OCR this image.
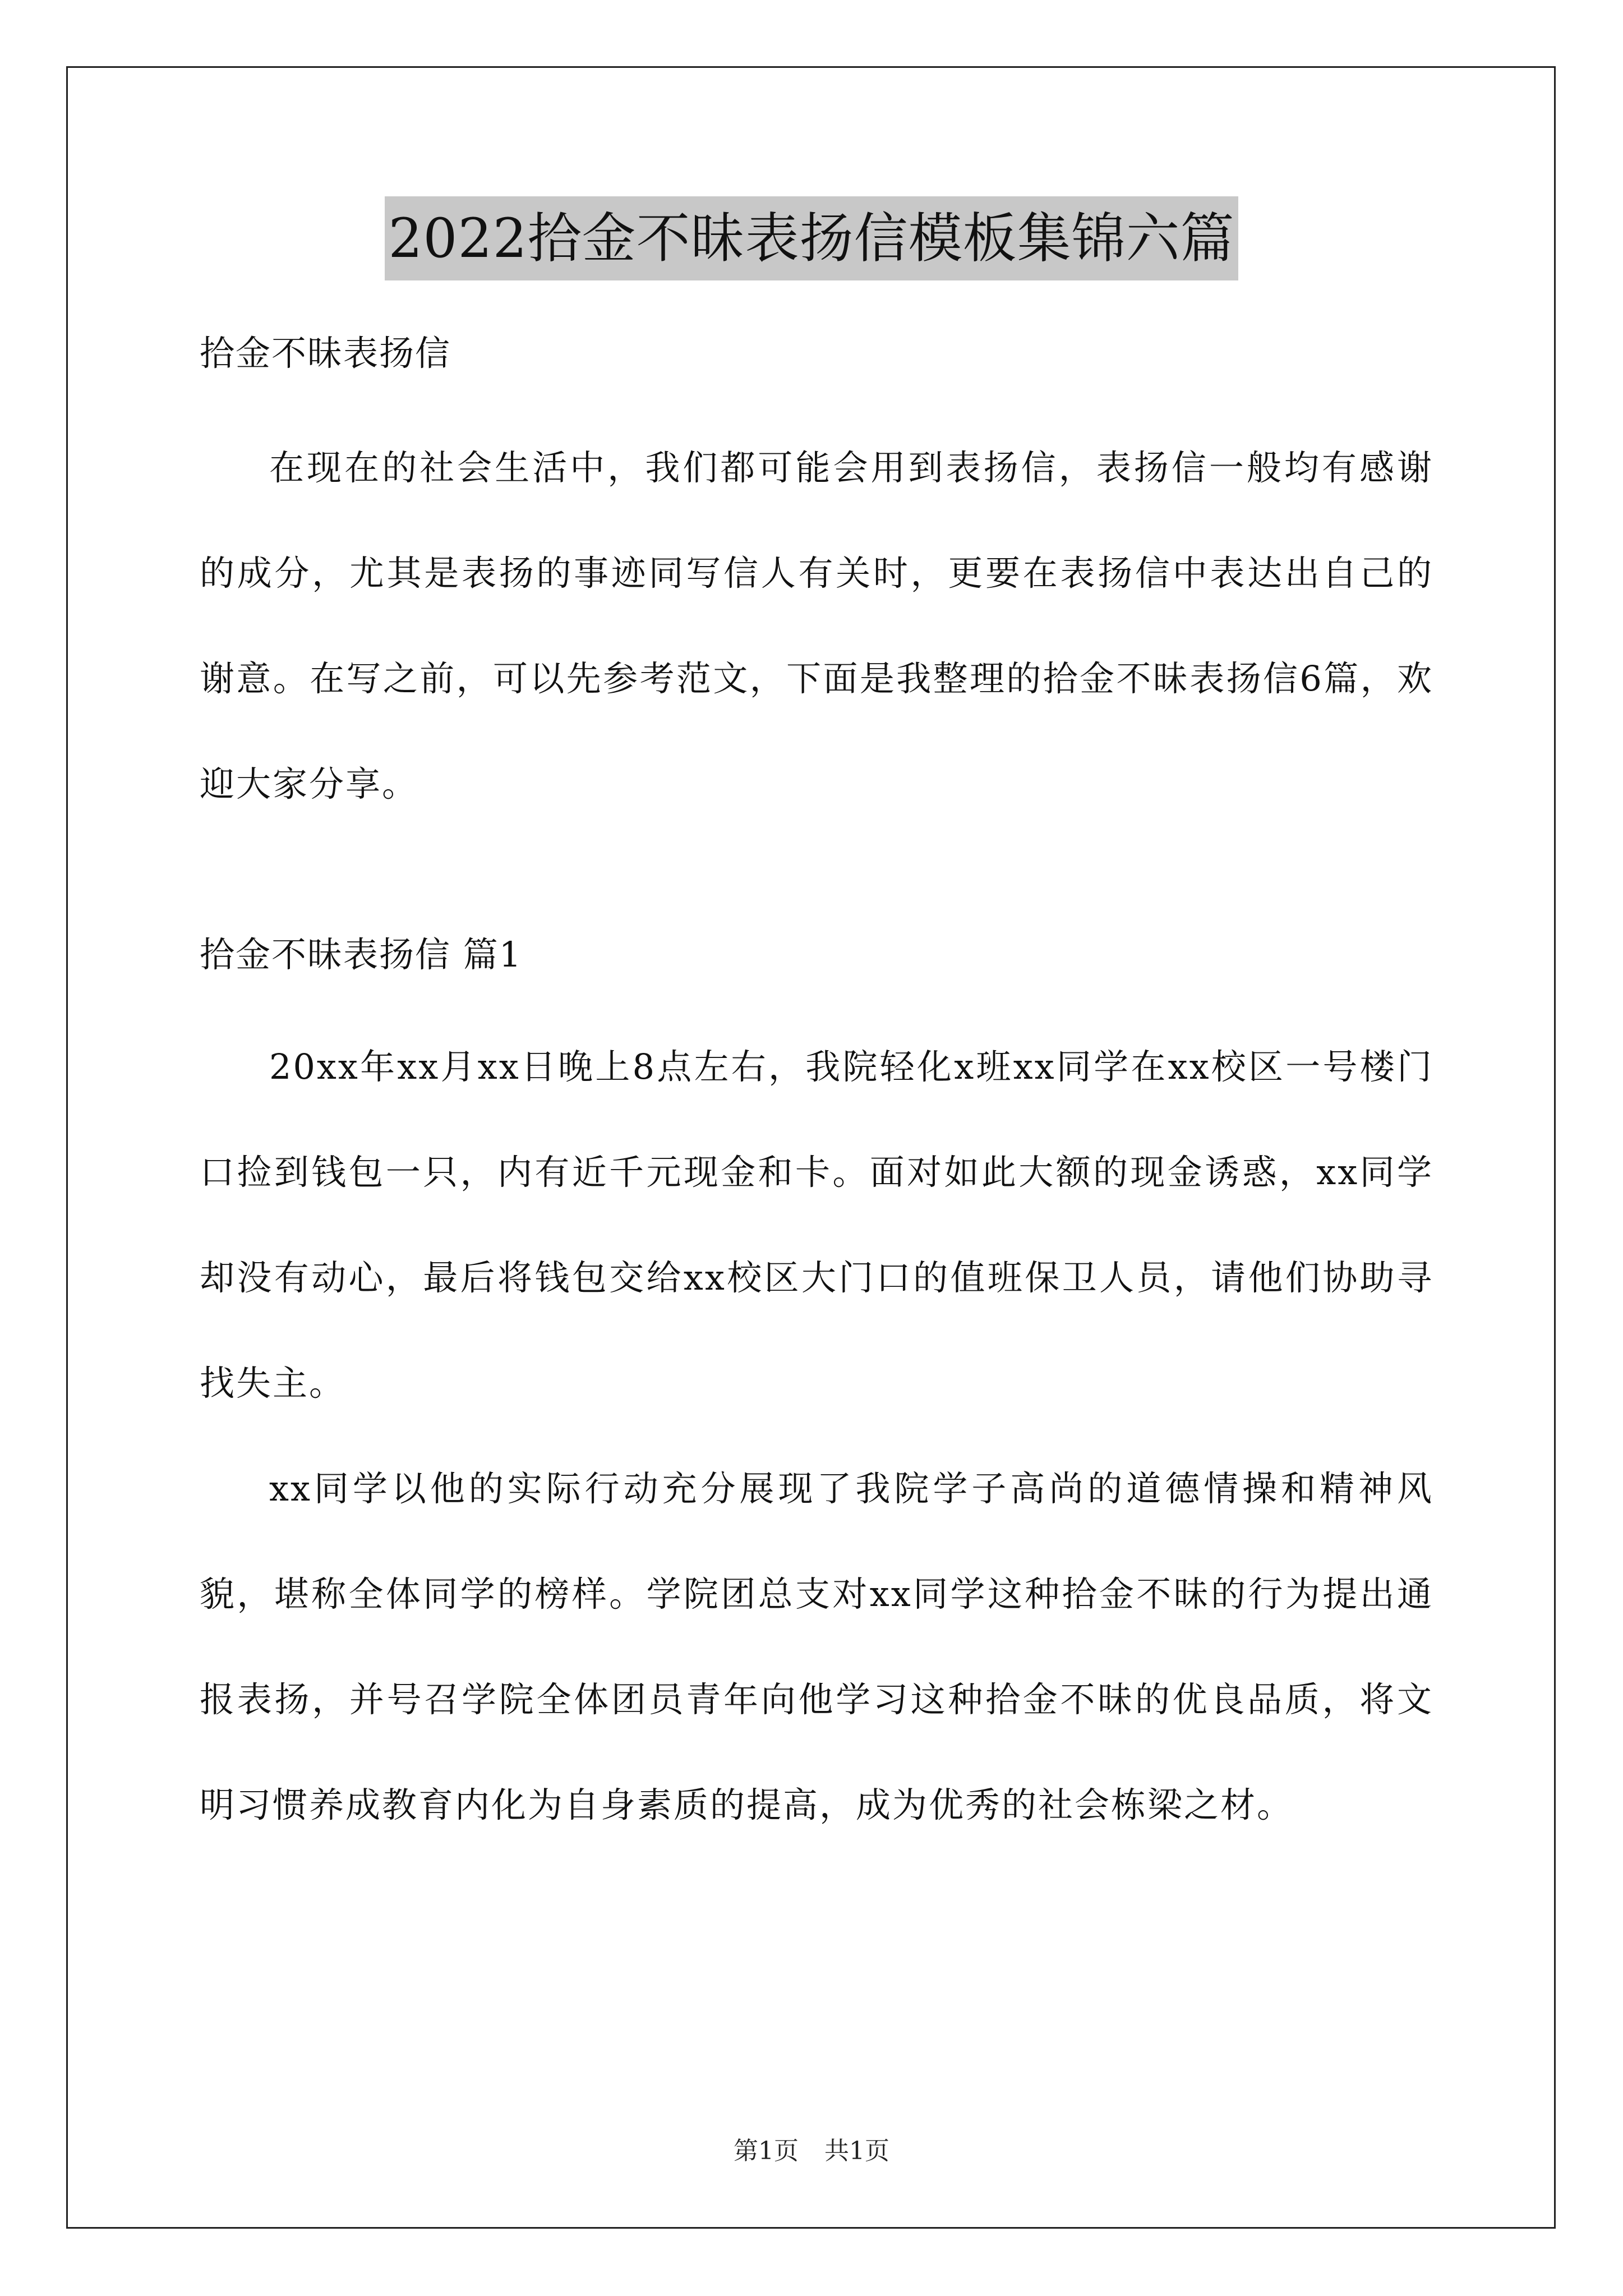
2022拾金不昧表扬信模板集锦六篇

拾金不昧表扬信

在现在的社会生活中，我们都可能会用到表扬信，表扬信一般均有感谢的成分，尤其是表扬的事迹同写信人有关时，更要在表扬信中表达出自己的谢意。在写之前，可以先参考范文，下面是我整理的拾金不昧表扬信6篇，欢迎大家分享。

拾金不昧表扬信 篇1

20xx年xx月xx日晚上8点左右，我院轻化x班xx同学在xx校区一号楼门口捡到钱包一只，内有近千元现金和卡。面对如此大额的现金诱惑，xx同学却没有动心，最后将钱包交给xx校区大门口的值班保卫人员，请他们协助寻找失主。

xx同学以他的实际行动充分展现了我院学子高尚的道德情操和精神风貌，堪称全体同学的榜样。学院团总支对xx同学这种拾金不昧的行为提出通报表扬，并号召学院全体团员青年向他学习这种拾金不昧的优良品质，将文明习惯养成教育内化为自身素质的提高，成为优秀的社会栋梁之材。

第1页 共1页
